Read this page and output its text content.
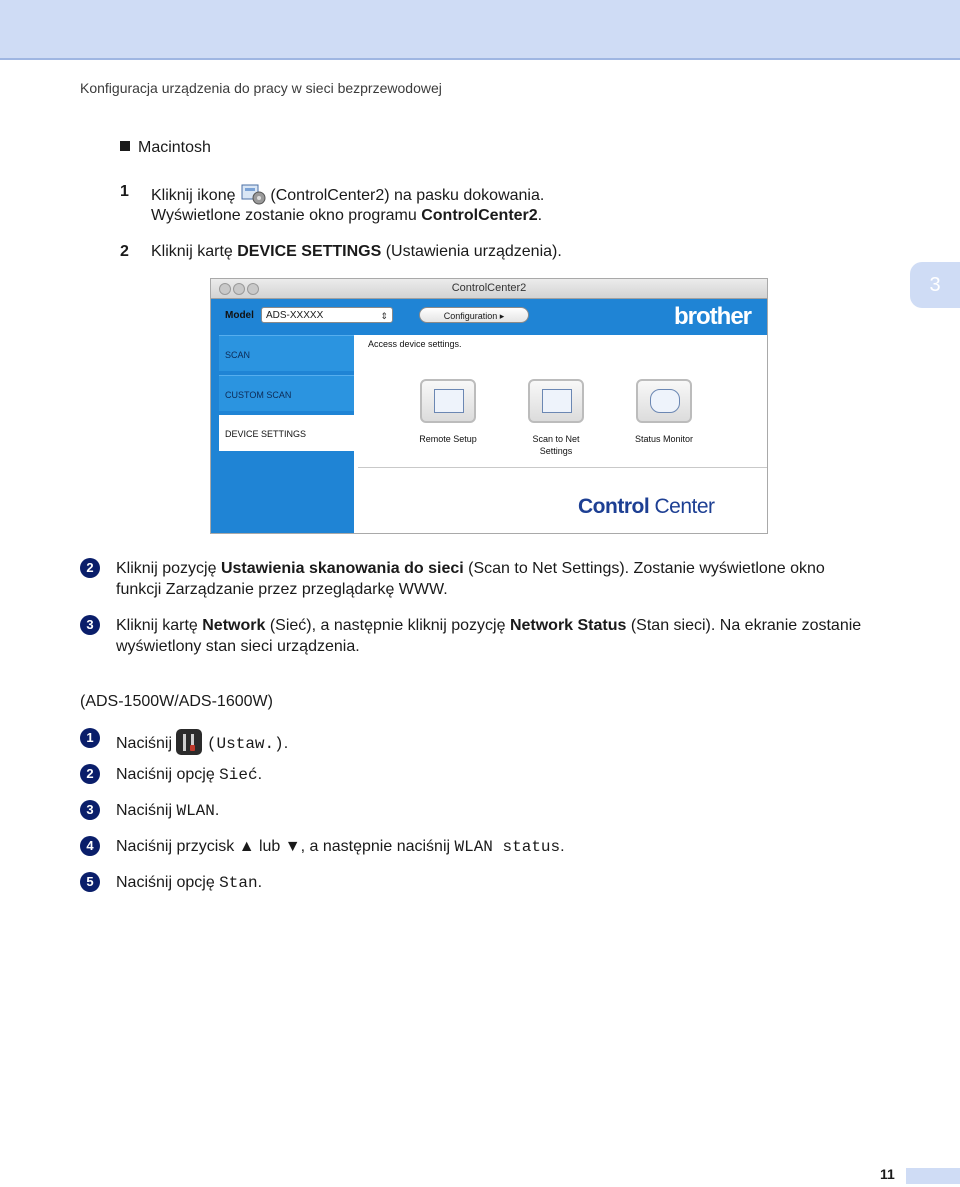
Konfiguracja urządzenia do pracy w sieci bezprzewodowej
3
Macintosh
1 Kliknij ikonę (ControlCenter2) na pasku dokowania.
Wyświetlone zostanie okno programu ControlCenter2.
2 Kliknij kartę DEVICE SETTINGS (Ustawienia urządzenia).
ControlCenter2
Model	ADS-XXXXX	⇕	Configuration ▸	brother
SCAN
CUSTOM SCAN
DEVICE SETTINGS
Access device settings.
Remote Setup	Scan to Net
Settings
Status Monitor
Control Center
2	Kliknij pozycję Ustawienia skanowania do sieci (Scan to Net Settings). Zostanie wyświetlone okno
funkcji Zarządzanie przez przeglądarkę WWW.
3	Kliknij kartę Network (Sieć), a następnie kliknij pozycję Network Status (Stan sieci). Na ekranie zostanie
wyświetlony stan sieci urządzenia.
(ADS-1500W/ADS-1600W)
1	Naciśnij  (Ustaw.).
2	Naciśnij opcję Sieć.
3	Naciśnij WLAN.
4	Naciśnij przycisk ▲ lub ▼, a następnie naciśnij WLAN status.
5	Naciśnij opcję Stan.
11
